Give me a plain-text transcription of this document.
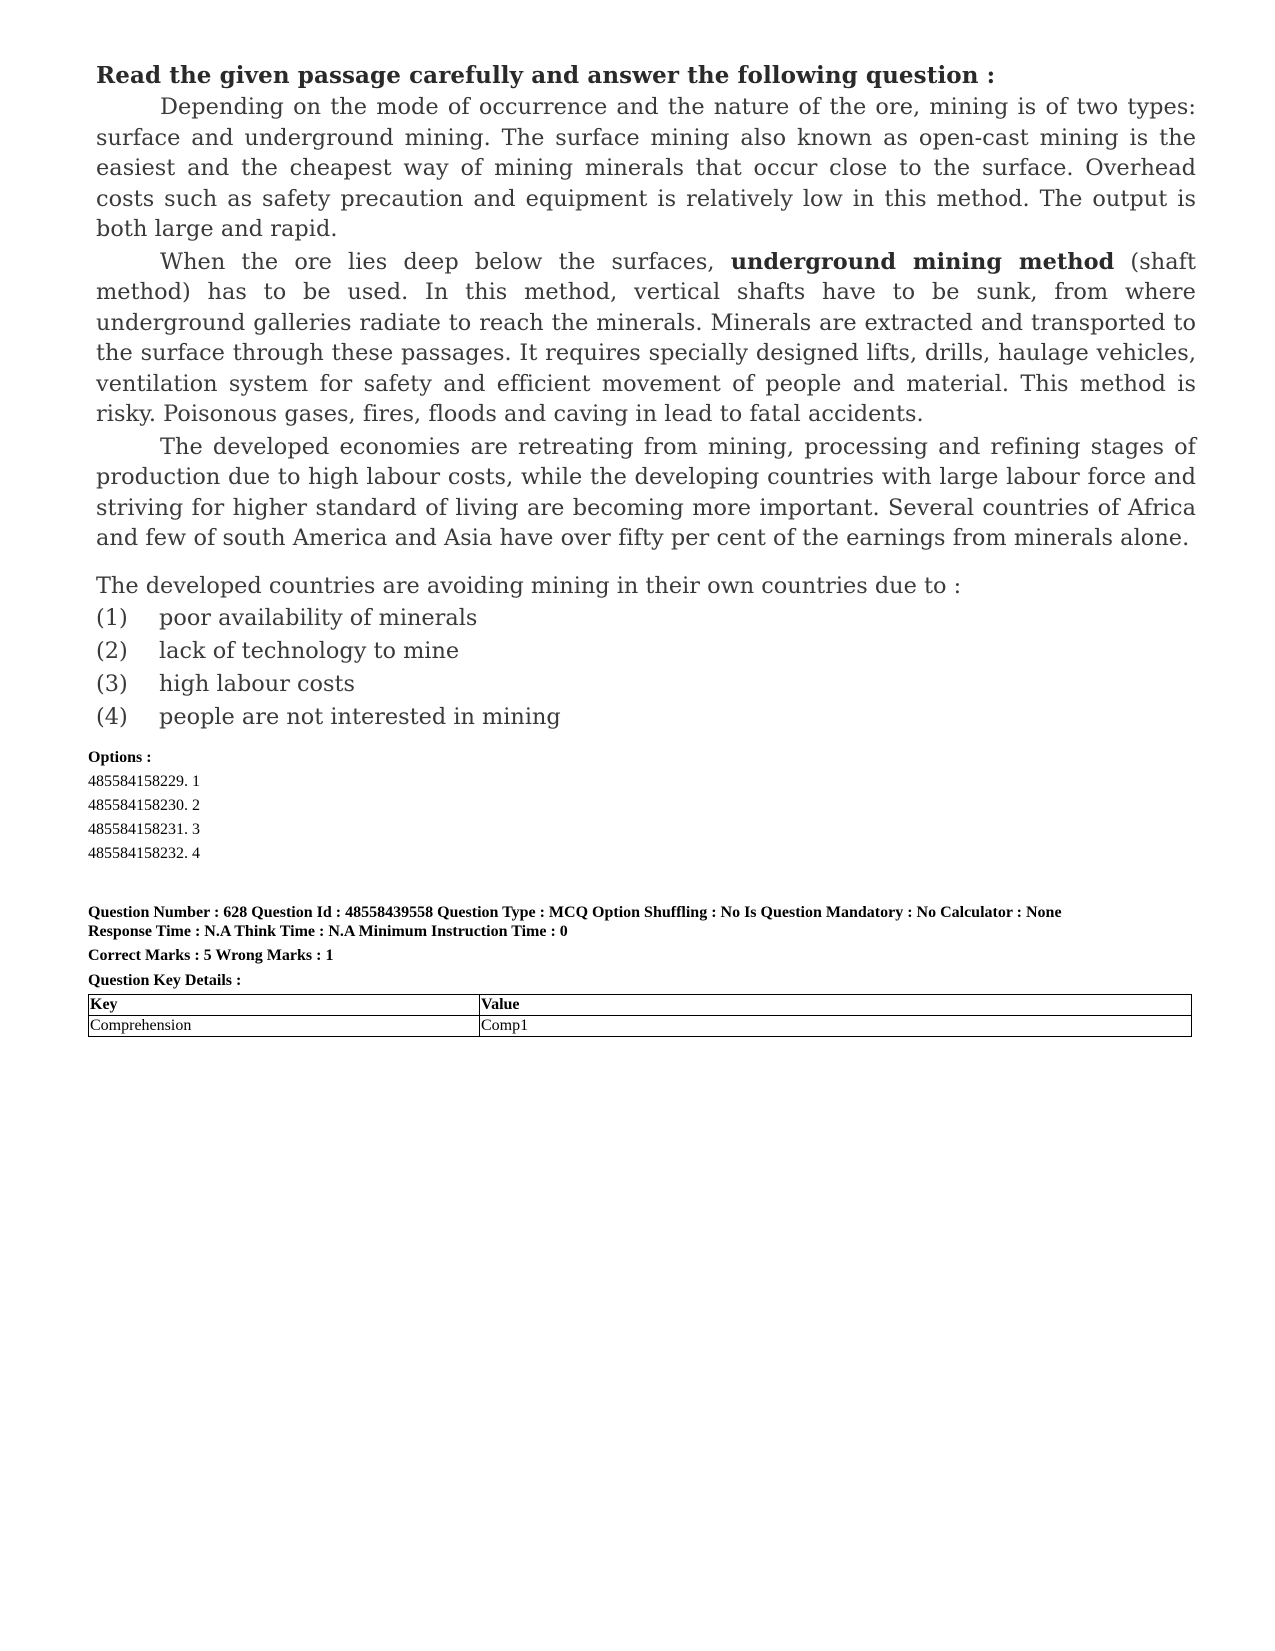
Read the given passage carefully and answer the following question :

Depending on the mode of occurrence and the nature of the ore, mining is of two types: surface and underground mining. The surface mining also known as open-cast mining is the easiest and the cheapest way of mining minerals that occur close to the surface. Overhead costs such as safety precaution and equipment is relatively low in this method. The output is both large and rapid.

When the ore lies deep below the surfaces, underground mining method (shaft method) has to be used. In this method, vertical shafts have to be sunk, from where underground galleries radiate to reach the minerals. Minerals are extracted and transported to the surface through these passages. It requires specially designed lifts, drills, haulage vehicles, ventilation system for safety and efficient movement of people and material. This method is risky. Poisonous gases, fires, floods and caving in lead to fatal accidents.

The developed economies are retreating from mining, processing and refining stages of production due to high labour costs, while the developing countries with large labour force and striving for higher standard of living are becoming more important. Several countries of Africa and few of south America and Asia have over fifty per cent of the earnings from minerals alone.

The developed countries are avoiding mining in their own countries due to :

(1)	poor availability of minerals
(2)	lack of technology to mine
(3)	high labour costs
(4)	people are not interested in mining

Options :

485584158229. 1

485584158230. 2

485584158231. 3

485584158232. 4

Question Number : 628 Question Id : 48558439558 Question Type : MCQ Option Shuffling : No Is Question Mandatory : No Calculator : None
Response Time : N.A Think Time : N.A Minimum Instruction Time : 0
Correct Marks : 5 Wrong Marks : 1
Question Key Details :
Key	Value
Comprehension	Comp1
